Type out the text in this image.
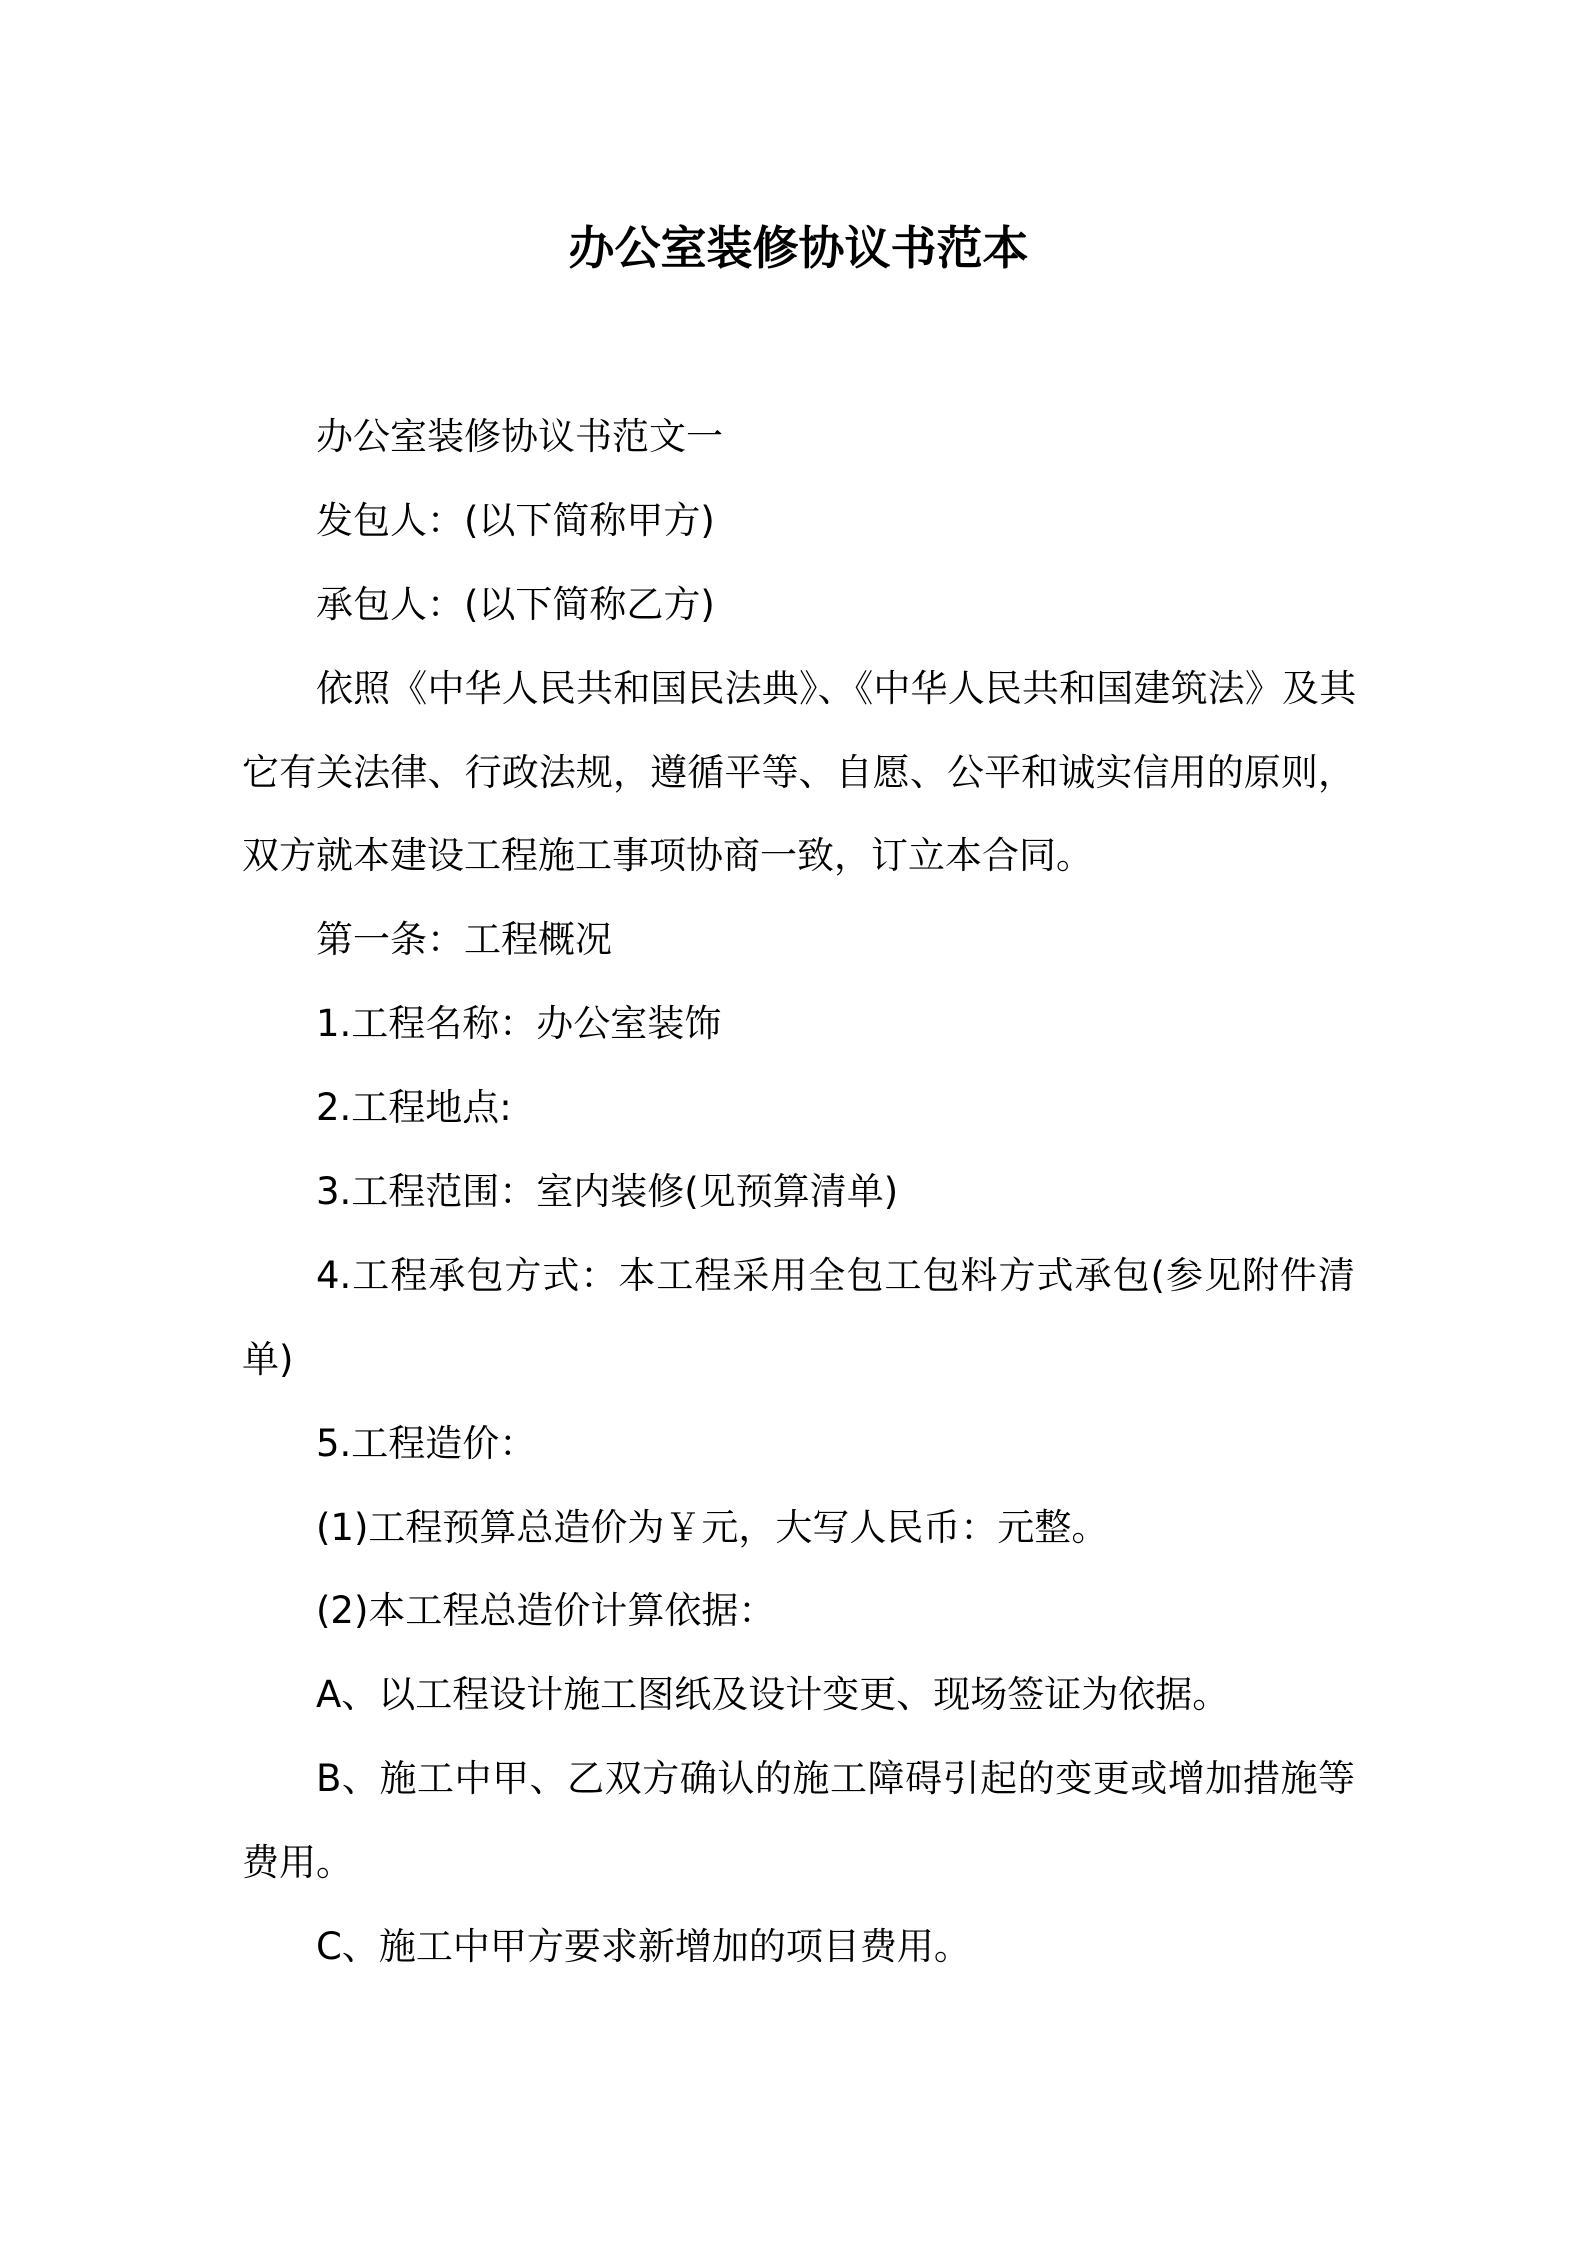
办公室装修协议书范本
办公室装修协议书范文一
发包人：(以下简称甲方)
承包人：(以下简称乙方)
依照《中华人民共和国民法典》、《中华人民共和国建筑法》及其
它有关法律、行政法规，遵循平等、自愿、公平和诚实信用的原则，
双方就本建设工程施工事项协商一致，订立本合同。
第一条：工程概况
1.工程名称：办公室装饰
2.工程地点:
3.工程范围：室内装修(见预算清单)
4.工程承包方式：本工程采用全包工包料方式承包(参见附件清
单)
5.工程造价：
(1)工程预算总造价为￥元，大写人民币：元整。
(2)本工程总造价计算依据：
A、以工程设计施工图纸及设计变更、现场签证为依据。
B、施工中甲、乙双方确认的施工障碍引起的变更或增加措施等
费用。
C、施工中甲方要求新增加的项目费用。
